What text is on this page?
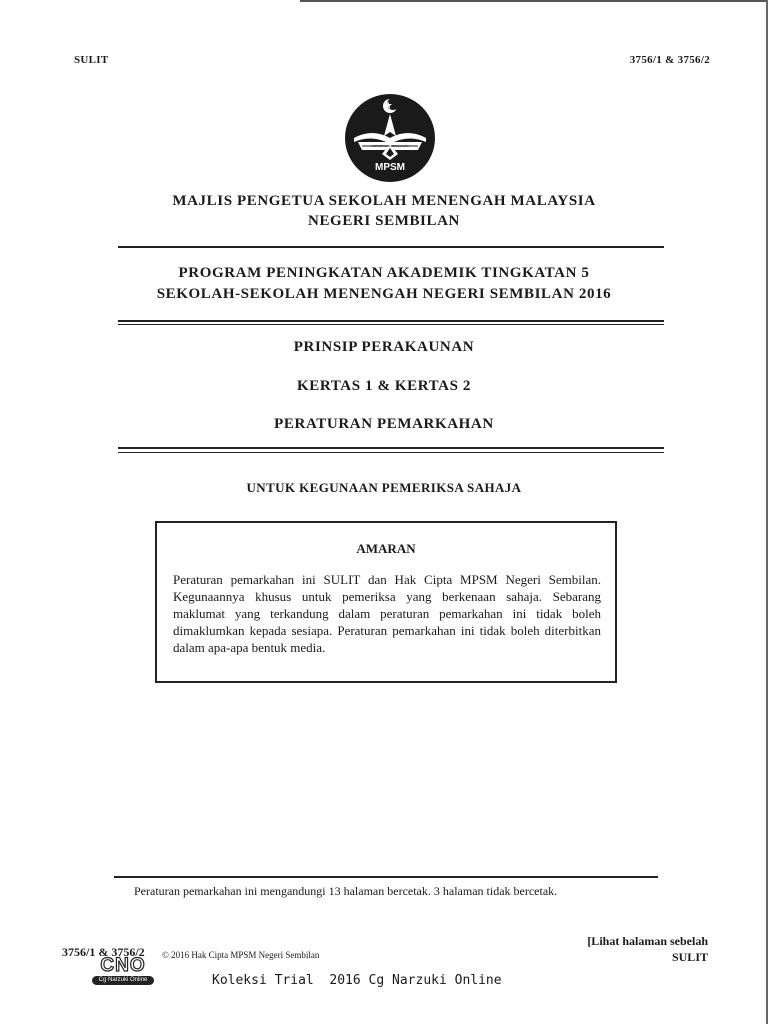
SULIT	3756/1 & 3756/2
KEPIMPINAN BERKUALITI
MPSM
MAJLIS PENGETUA SEKOLAH MENENGAH MALAYSIA
NEGERI SEMBILAN
PROGRAM PENINGKATAN AKADEMIK TINGKATAN 5
SEKOLAH-SEKOLAH MENENGAH NEGERI SEMBILAN 2016
PRINSIP PERAKAUNAN
KERTAS 1 & KERTAS 2
PERATURAN PEMARKAHAN
UNTUK KEGUNAAN PEMERIKSA SAHAJA
AMARAN
Peraturan pemarkahan ini SULIT dan Hak Cipta MPSM Negeri Sembilan. Kegunaannya khusus untuk pemeriksa yang berkenaan sahaja. Sebarang maklumat yang terkandung dalam peraturan pemarkahan ini tidak boleh dimaklumkan kepada sesiapa. Peraturan pemarkahan ini tidak boleh diterbitkan dalam apa-apa bentuk media.
Peraturan pemarkahan ini mengandungi 13 halaman bercetak. 3 halaman tidak bercetak.
3756/1 & 3756/2 © 2016 Hak Cipta MPSM Negeri Sembilan
CNO
Cg Narzuki Online
[Lihat halaman sebelah
SULIT
Koleksi Trial  2016 Cg Narzuki Online
